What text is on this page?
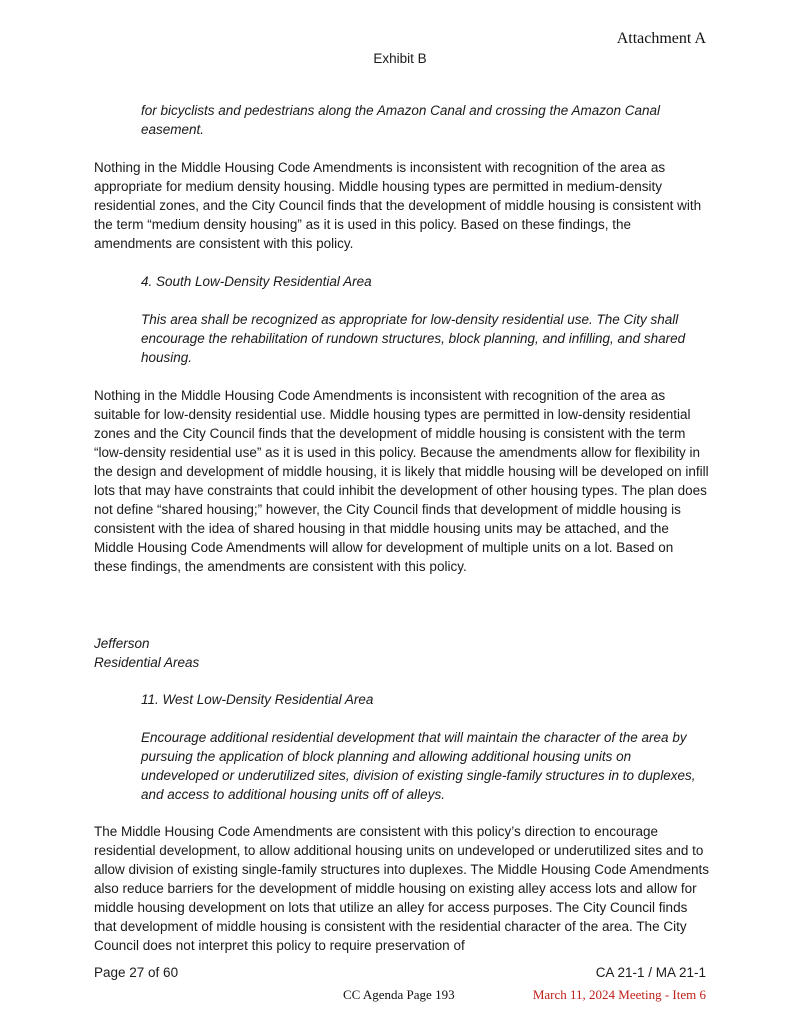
Attachment A
Exhibit B

for bicyclists and pedestrians along the Amazon Canal and crossing the Amazon Canal easement.

Nothing in the Middle Housing Code Amendments is inconsistent with recognition of the area as appropriate for medium density housing. Middle housing types are permitted in medium-density residential zones, and the City Council finds that the development of middle housing is consistent with the term “medium density housing” as it is used in this policy. Based on these findings, the amendments are consistent with this policy.

4. South Low-Density Residential Area

This area shall be recognized as appropriate for low-density residential use. The City shall encourage the rehabilitation of rundown structures, block planning, and infilling, and shared housing.

Nothing in the Middle Housing Code Amendments is inconsistent with recognition of the area as suitable for low-density residential use. Middle housing types are permitted in low-density residential zones and the City Council finds that the development of middle housing is consistent with the term “low-density residential use” as it is used in this policy. Because the amendments allow for flexibility in the design and development of middle housing, it is likely that middle housing will be developed on infill lots that may have constraints that could inhibit the development of other housing types. The plan does not define “shared housing;” however, the City Council finds that development of middle housing is consistent with the idea of shared housing in that middle housing units may be attached, and the Middle Housing Code Amendments will allow for development of multiple units on a lot. Based on these findings, the amendments are consistent with this policy.

Jefferson
Residential Areas

11. West Low-Density Residential Area

Encourage additional residential development that will maintain the character of the area by pursuing the application of block planning and allowing additional housing units on undeveloped or underutilized sites, division of existing single-family structures in to duplexes, and access to additional housing units off of alleys.

The Middle Housing Code Amendments are consistent with this policy’s direction to encourage residential development, to allow additional housing units on undeveloped or underutilized sites and to allow division of existing single-family structures into duplexes. The Middle Housing Code Amendments also reduce barriers for the development of middle housing on existing alley access lots and allow for middle housing development on lots that utilize an alley for access purposes. The City Council finds that development of middle housing is consistent with the residential character of the area. The City Council does not interpret this policy to require preservation of

Page 27 of 60	CA 21-1 / MA 21-1
CC Agenda Page 193	March 11, 2024 Meeting - Item 6
